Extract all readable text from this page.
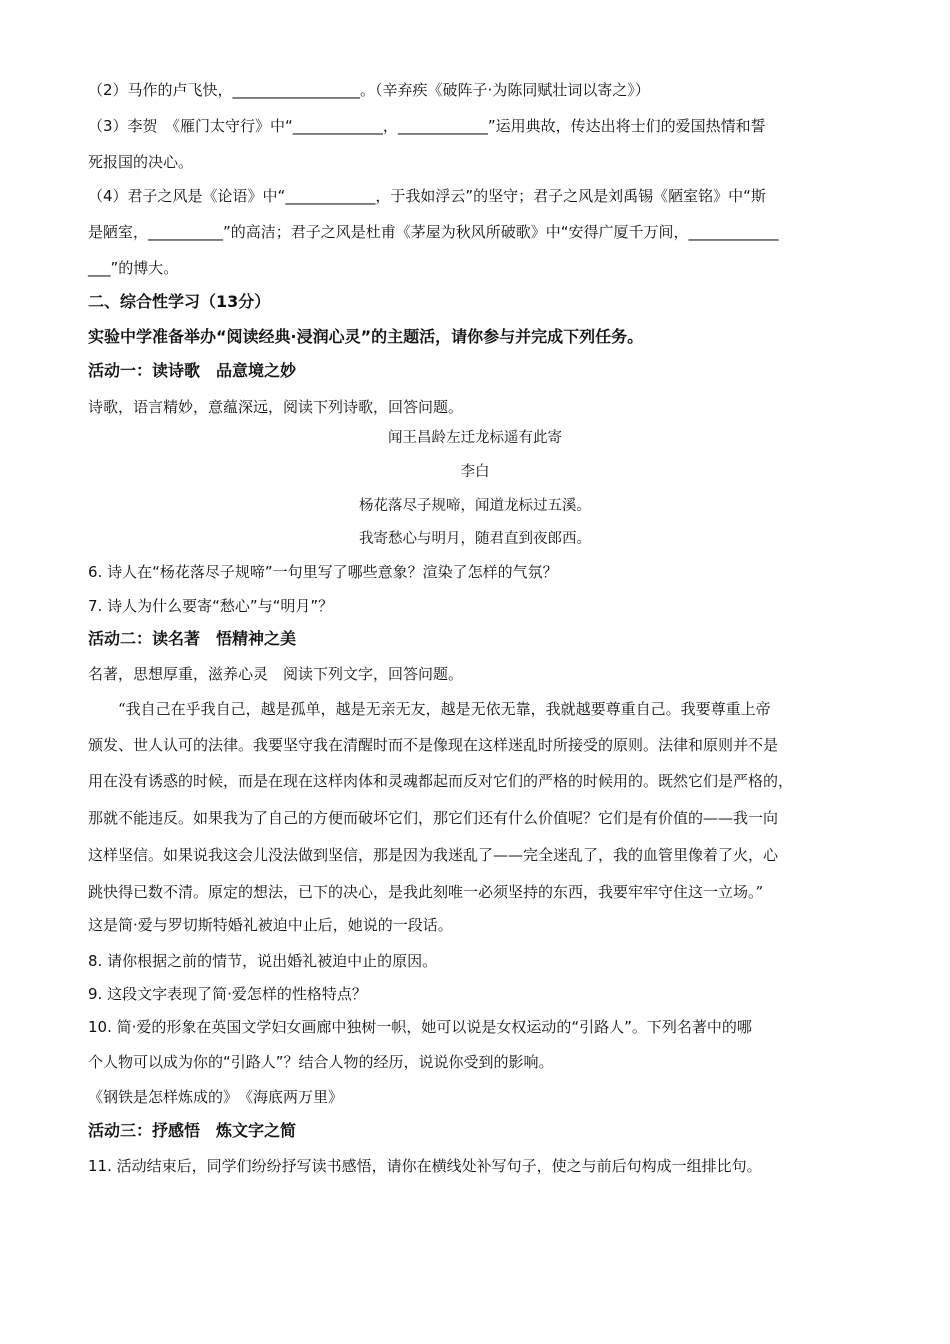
（2）马作的卢飞快，_________________。（辛弃疾《破阵子·为陈同赋壮词以寄之》）
（3）李贺　《雁门太守行》中“____________，____________”运用典故，传达出将士们的爱国热情和誓
死报国的决心。
（4）君子之风是《论语》中“____________，于我如浮云”的坚守；君子之风是刘禹锡《陋室铭》中“斯
是陋室，__________”的高洁；君子之风是杜甫《茅屋为秋风所破歌》中“安得广厦千万间，____________
___”的博大。
二、综合性学习（13分）
实验中学准备举办“阅读经典·浸润心灵”的主题活，请你参与并完成下列任务。
活动一：读诗歌　品意境之妙
诗歌，语言精妙，意蕴深远，阅读下列诗歌，回答问题。
闻王昌龄左迁龙标遥有此寄
李白
杨花落尽子规啼，闻道龙标过五溪。
我寄愁心与明月，随君直到夜郎西。
6. 诗人在“杨花落尽子规啼”一句里写了哪些意象？渲染了怎样的气氛？
7. 诗人为什么要寄“愁心”与“明月”？
活动二：读名著　悟精神之美
名著，思想厚重，滋养心灵　阅读下列文字，回答问题。
　　“我自己在乎我自己，越是孤单，越是无亲无友，越是无依无靠，我就越要尊重自己。我要尊重上帝
颁发、世人认可的法律。我要坚守我在清醒时而不是像现在这样迷乱时所接受的原则。法律和原则并不是
用在没有诱惑的时候，而是在现在这样肉体和灵魂都起而反对它们的严格的时候用的。既然它们是严格的，
那就不能违反。如果我为了自己的方便而破坏它们，那它们还有什么价值呢？它们是有价值的——我一向
这样坚信。如果说我这会儿没法做到坚信，那是因为我迷乱了——完全迷乱了，我的血管里像着了火，心
跳快得已数不清。原定的想法，已下的决心，是我此刻唯一必须坚持的东西，我要牢牢守住这一立场。”
这是简·爱与罗切斯特婚礼被迫中止后，她说的一段话。
8. 请你根据之前的情节，说出婚礼被迫中止的原因。
9. 这段文字表现了简·爱怎样的性格特点？
10. 简·爱的形象在英国文学妇女画廊中独树一帜，她可以说是女权运动的“引路人”。下列名著中的哪
个人物可以成为你的“引路人”？结合人物的经历，说说你受到的影响。
《钢铁是怎样炼成的》　《海底两万里》
活动三：抒感悟　炼文字之简
11. 活动结束后，同学们纷纷抒写读书感悟，请你在横线处补写句子，使之与前后句构成一组排比句。
